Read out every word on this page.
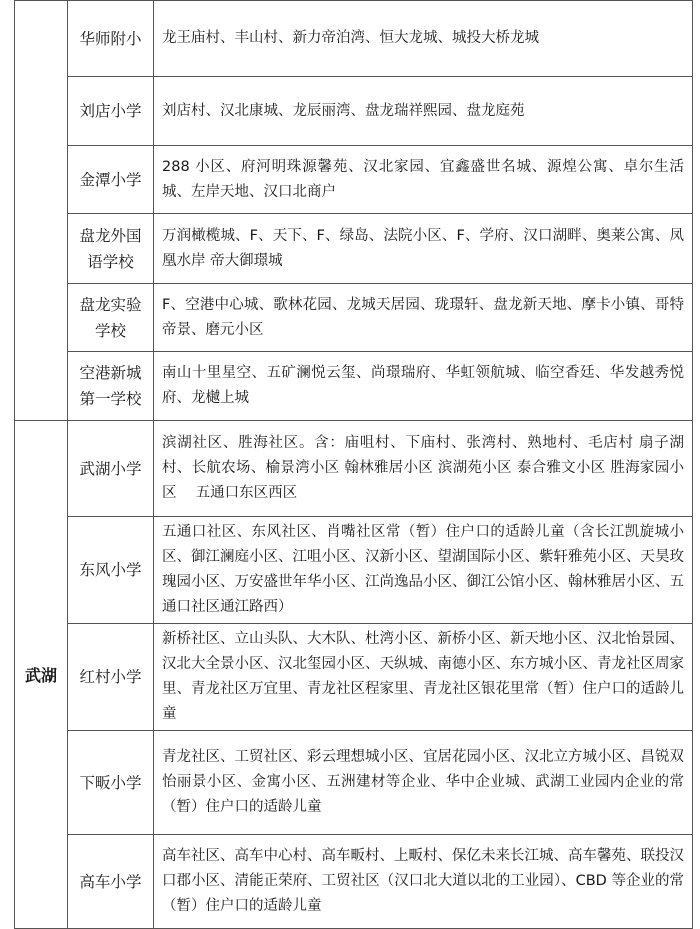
	华师附小	龙王庙村、丰山村、新力帝泊湾、恒大龙城、城投大桥龙城
	刘店小学	刘店村、汉北康城、龙辰丽湾、盘龙瑞祥熙园、盘龙庭苑
	金潭小学	288 小区、府河明珠源馨苑、汉北家园、宜鑫盛世名城、源煌公寓、卓尔生活城、左岸天地、汉口北商户
	盘龙外国语学校	万润橄榄城、F、天下、F、绿岛、法院小区、F、学府、汉口湖畔、奥莱公寓、凤凰水岸 帝大御璟城
	盘龙实验学校	F、空港中心城、歌林花园、龙城天居园、珑璟轩、盘龙新天地、摩卡小镇、哥特帝景、磨元小区
	空港新城第一学校	南山十里星空、五矿澜悦云玺、尚璟瑞府、华虹领航城、临空香廷、华发越秀悦府、龙樾上城
武湖	武湖小学	滨湖社区、胜海社区。含：庙咀村、下庙村、张湾村、熟地村、毛店村 扇子湖村、长航农场、榆景湾小区 翰林雅居小区 滨湖苑小区 泰合雅文小区 胜海家园小区　 五通口东区西区
	东风小学	五通口社区、东风社区、肖嘴社区常（暂）住户口的适龄儿童（含长江凯旋城小区、御江澜庭小区、江咀小区、汉新小区、望湖国际小区、紫轩雅苑小区、天昊玫瑰园小区、万安盛世年华小区、江尚逸品小区、御江公馆小区、翰林雅居小区、五通口社区通江路西）
	红村小学	新桥社区、立山头队、大木队、杜湾小区、新桥小区、新天地小区、汉北怡景园、汉北大全景小区、汉北玺园小区、天纵城、南德小区、东方城小区、青龙社区周家里、青龙社区万宜里、青龙社区程家里、青龙社区银花里常（暂）住户口的适龄儿童
	下畈小学	青龙社区、工贸社区、彩云理想城小区、宜居花园小区、汉北立方城小区、昌锐双怡丽景小区、金寓小区、五洲建材等企业、华中企业城、武湖工业园内企业的常（暂）住户口的适龄儿童
	高车小学	高车社区、高车中心村、高车畈村、上畈村、保亿未来长江城、高车馨苑、联投汉口郡小区、清能正荣府、工贸社区（汉口北大道以北的工业园）、CBD 等企业的常（暂）住户口的适龄儿童
